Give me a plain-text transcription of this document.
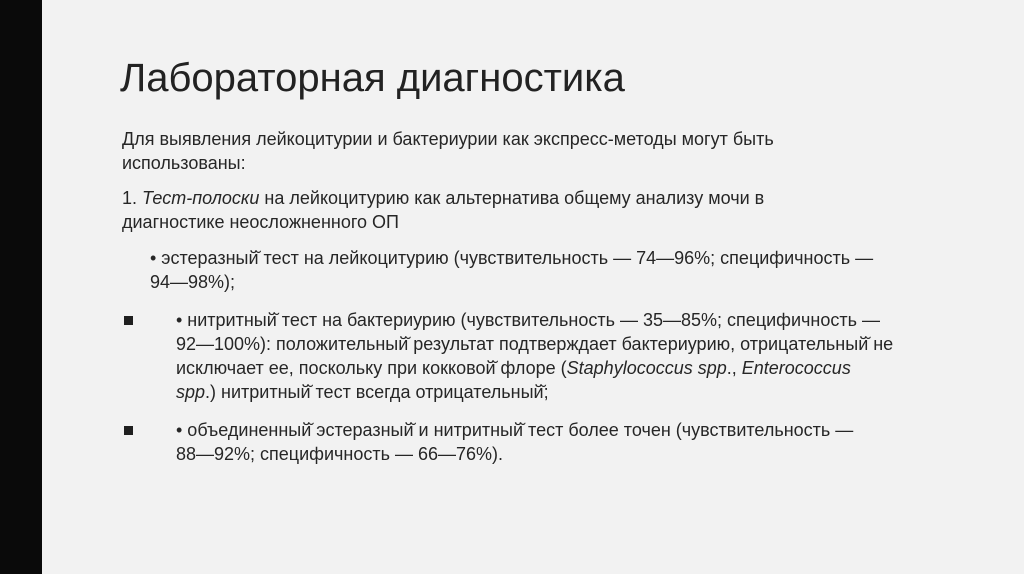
Лабораторная диагностика
Для выявления лейкоцитурии и бактериурии как экспресс-методы могут быть
использованы:
1. Тест-полоски на лейкоцитурию как альтернатива общему анализу мочи в
диагностике неосложненного ОП
• эстеразный̆ тест на лейкоцитурию (чувствительность — 74—96%; специфичность —
94—98%);
• нитритный̆ тест на бактериурию (чувствительность — 35—85%; специфичность —
92—100%): положительный̆ результат подтверждает бактериурию, отрицательный̆ не
исключает ее, поскольку при кокковой̆ флоре (Staphylococcus spp., Enterococcus
spp.) нитритный̆ тест всегда отрицательный̆;
• объединенный̆ эстеразный̆ и нитритный̆ тест более точен (чувствительность —
88—92%; специфичность — 66—76%).
